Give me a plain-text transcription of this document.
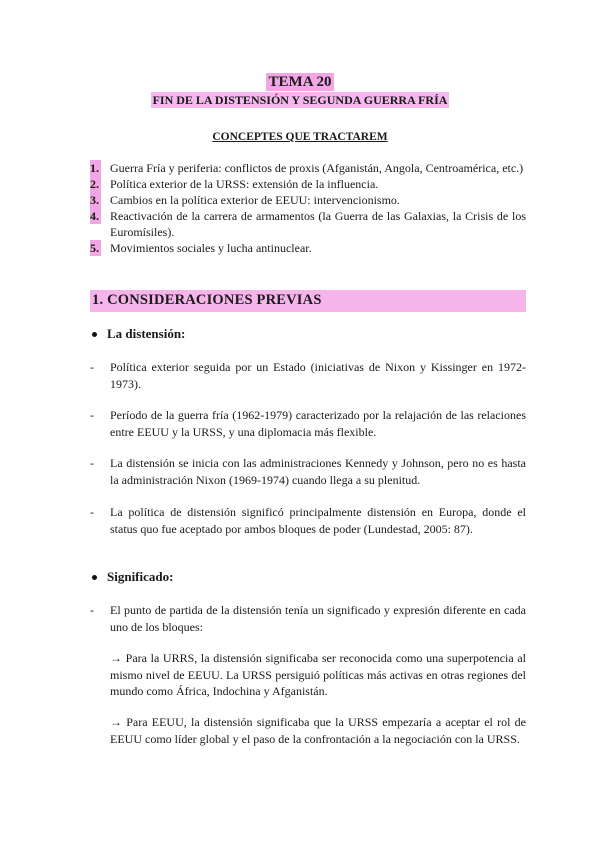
TEMA 20
FIN DE LA DISTENSIÓN Y SEGUNDA GUERRA FRÍA
CONCEPTES QUE TRACTAREM
1. Guerra Fría y periferia: conflictos de proxis (Afganistán, Angola, Centroamérica, etc.)
2. Política exterior de la URSS: extensión de la influencia.
3. Cambios en la política exterior de EEUU: intervencionismo.
4. Reactivación de la carrera de armamentos (la Guerra de las Galaxias, la Crisis de los Euromísiles).
5. Movimientos sociales y lucha antinuclear.
1. CONSIDERACIONES PREVIAS
La distensión:
- Política exterior seguida por un Estado (iniciativas de Nixon y Kissinger en 1972-1973).
- Período de la guerra fría (1962-1979) caracterizado por la relajación de las relaciones entre EEUU y la URSS, y una diplomacia más flexible.
- La distensión se inicia con las administraciones Kennedy y Johnson, pero no es hasta la administración Nixon (1969-1974) cuando llega a su plenitud.
- La política de distensión significó principalmente distensión en Europa, donde el status quo fue aceptado por ambos bloques de poder (Lundestad, 2005: 87).
Significado:
- El punto de partida de la distensión tenía un significado y expresión diferente en cada uno de los bloques:
→ Para la URRS, la distensión significaba ser reconocida como una superpotencia al mismo nivel de EEUU. La URSS persiguió políticas más activas en otras regiones del mundo como África, Indochina y Afganistán.
→ Para EEUU, la distensión significaba que la URSS empezaría a aceptar el rol de EEUU como líder global y el paso de la confrontación a la negociación con la URSS.
